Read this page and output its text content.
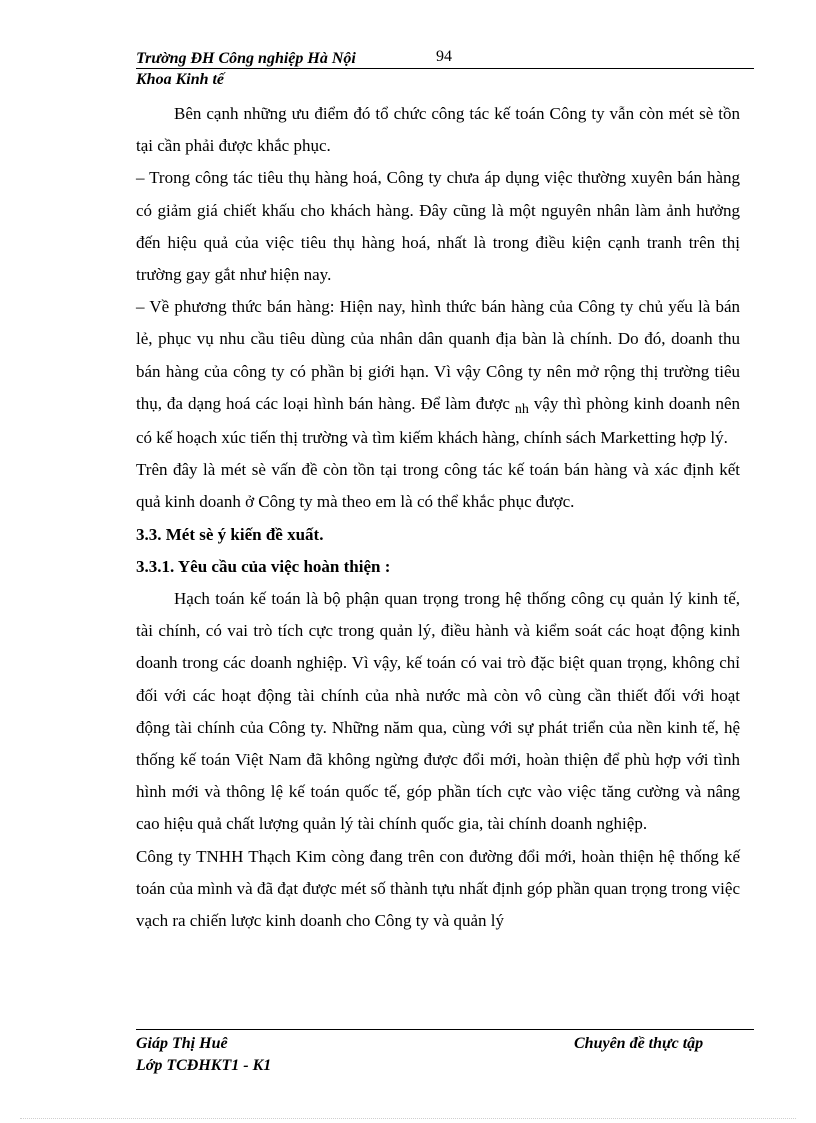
Trường ĐH Công nghiệp Hà Nội	94
Khoa Kinh tế

Bên cạnh những ưu điểm đó tổ chức công tác kế toán Công ty vẫn còn mét sè tồn tại cần phải được khắc phục.

– Trong công tác tiêu thụ hàng hoá, Công ty chưa áp dụng việc thường xuyên bán hàng có giảm giá chiết khấu cho khách hàng. Đây cũng là một nguyên nhân làm ảnh hưởng đến hiệu quả của việc tiêu thụ hàng hoá, nhất là trong điều kiện cạnh tranh trên thị trường gay gắt như hiện nay.

– Về phương thức bán hàng: Hiện nay, hình thức bán hàng của Công ty chủ yếu là bán lẻ, phục vụ nhu cầu tiêu dùng của nhân dân quanh địa bàn là chính. Do đó, doanh thu bán hàng của công ty có phần bị giới hạn. Vì vậy Công ty nên mở rộng thị trường tiêu thụ, đa dạng hoá các loại hình bán hàng. Để làm được $_{nh}$ vậy thì phòng kinh doanh nên có kế hoạch xúc tiến thị trường và tìm kiếm khách hàng, chính sách Marketting hợp lý.

Trên đây là mét sè vấn đề còn tồn tại trong công tác kế toán bán hàng và xác định kết quả kinh doanh ở Công ty mà theo em là có thể khắc phục được.

3.3. Mét sè ý kiến đề xuất.

3.3.1. Yêu cầu của việc hoàn thiện :

Hạch toán kế toán là bộ phận quan trọng trong hệ thống công cụ quản lý kinh tế, tài chính, có vai trò tích cực trong quản lý, điều hành và kiểm soát các hoạt động kinh doanh trong các doanh nghiệp. Vì vậy, kế toán có vai trò đặc biệt quan trọng, không chỉ đối với các hoạt động tài chính của nhà nước mà còn vô cùng cần thiết đối với hoạt động tài chính của Công ty. Những năm qua, cùng với sự phát triển của nền kinh tế, hệ thống kế toán Việt Nam đã không ngừng được đổi mới, hoàn thiện để phù hợp với tình hình mới và thông lệ kế toán quốc tế, góp phần tích cực vào việc tăng cường và nâng cao hiệu quả chất lượng quản lý tài chính quốc gia, tài chính doanh nghiệp.

Công ty TNHH Thạch Kim còng đang trên con đường đổi mới, hoàn thiện hệ thống kế toán của mình và đã đạt được mét số thành tựu nhất định góp phần quan trọng trong việc vạch ra chiến lược kinh doanh cho Công ty và quản lý

Giáp Thị Huê
Lớp TCĐHKT1 - K1
Chuyên đề thực tập
